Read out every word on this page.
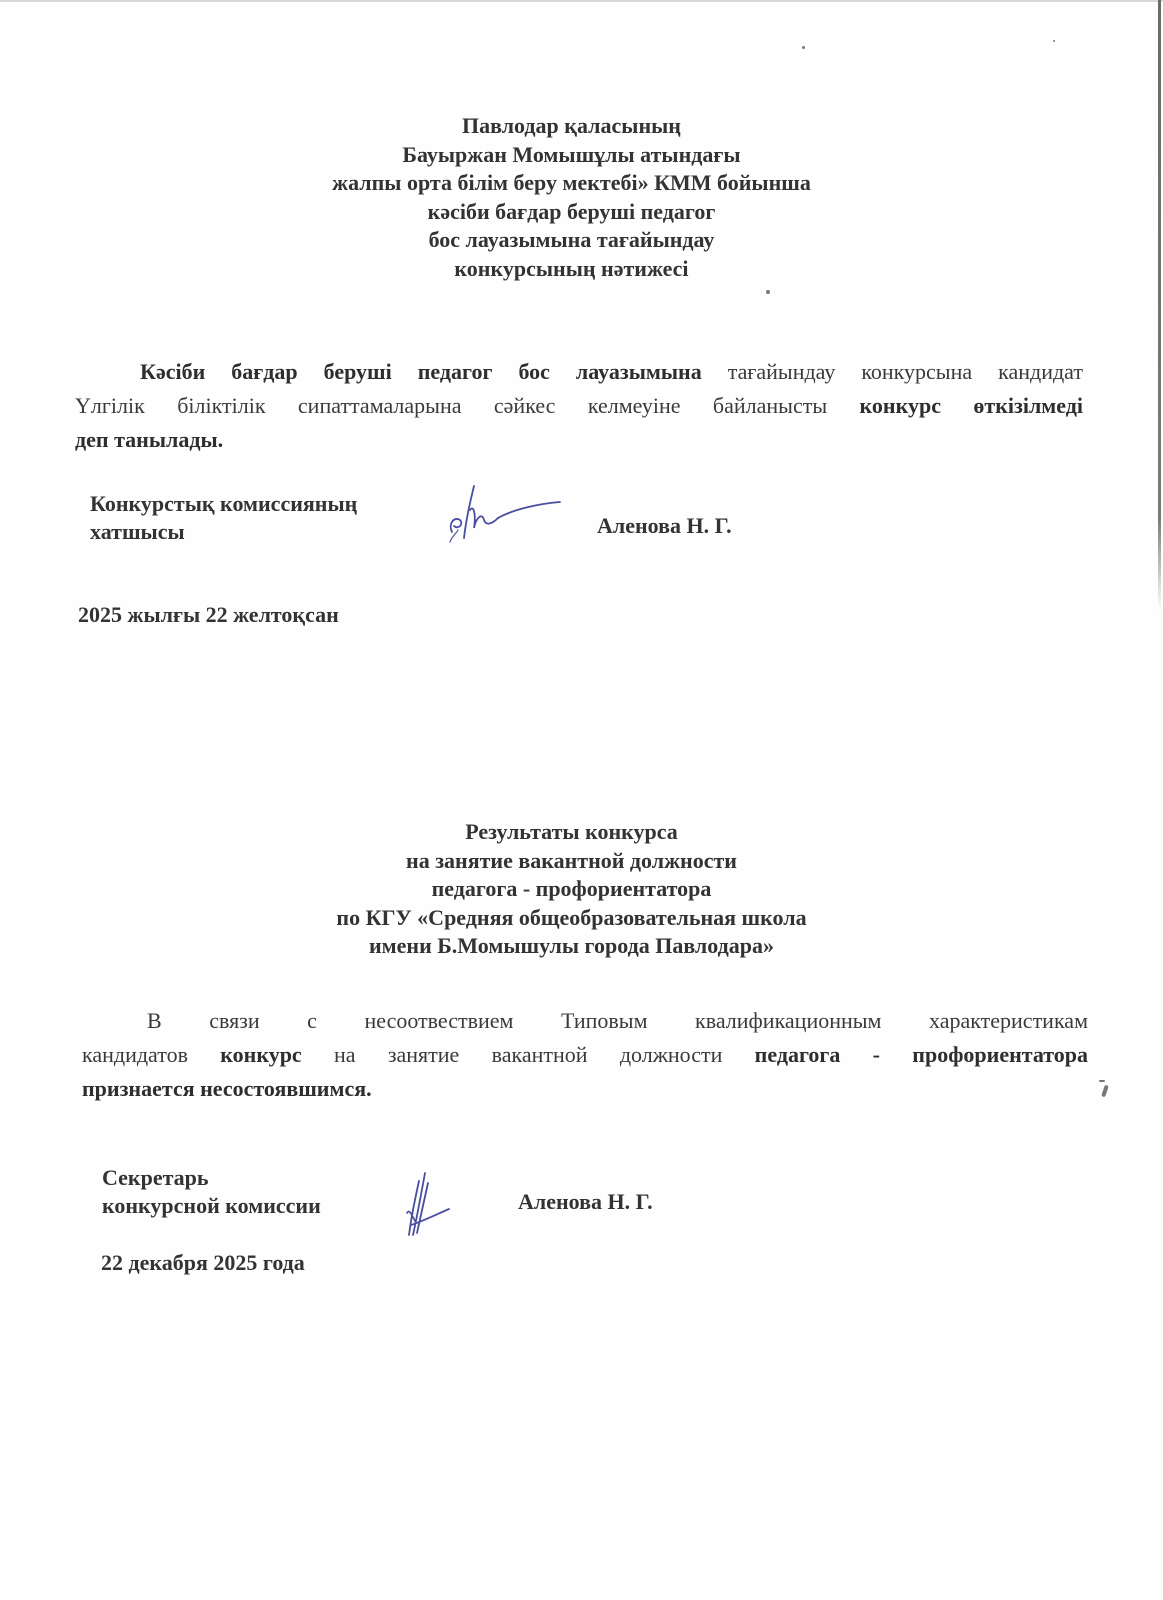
Павлодар қаласының
Бауыржан Момышұлы атындағы
жалпы орта білім беру мектебі» КММ бойынша
кәсіби бағдар беруші педагог
бос лауазымына тағайындау
конкурсының нәтижесі
Кәсіби бағдар беруші педагог бос лауазымына тағайындау конкурсына кандидат
Үлгілік біліктілік сипаттамаларына сәйкес келмеуіне байланысты конкурс өткізілмеді
деп танылады.
Конкурстық комиссияның
хатшысы	Аленова Н. Г.
2025 жылғы 22 желтоқсан
Результаты конкурса
на занятие вакантной должности
педагога - профориентатора
по КГУ «Средняя общеобразовательная школа
имени Б.Момышулы города Павлодара»
В связи с несоотвествием Типовым квалификационным характеристикам
кандидатов конкурс на занятие вакантной должности педагога - профориентатора
признается несостоявшимся.
Секретарь
конкурсной комиссии	Аленова Н. Г.
22 декабря 2025 года
